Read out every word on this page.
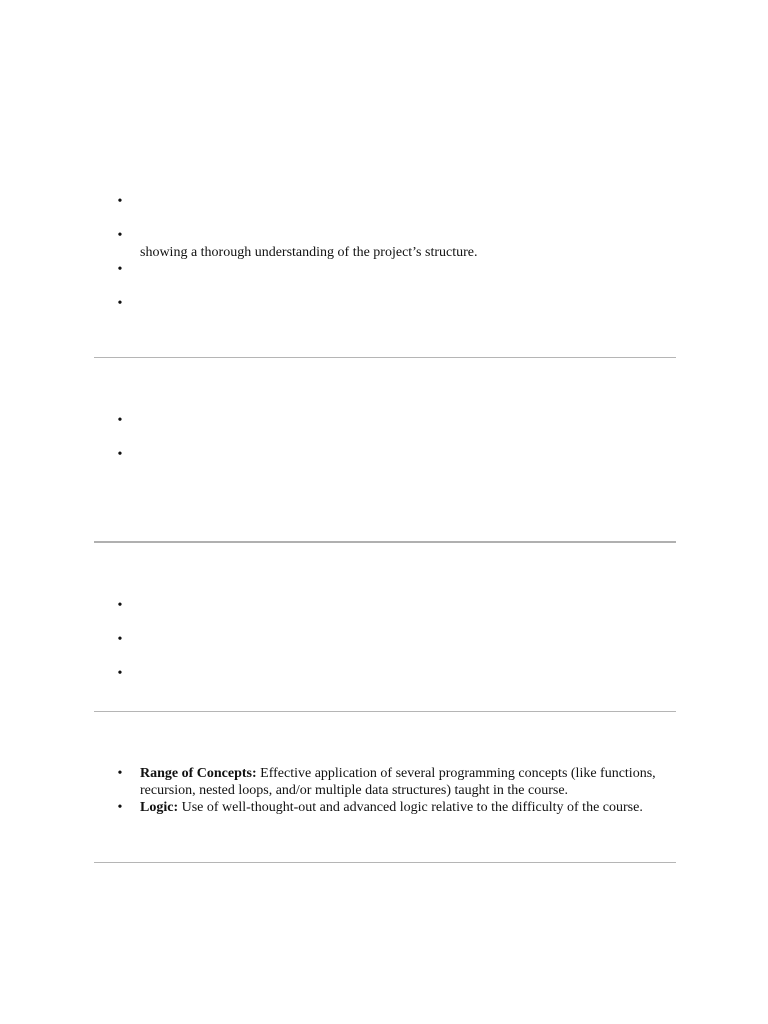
•
•
showing a thorough understanding of the project’s structure.
•
•
•
•
•
•
•
• Range of Concepts: Effective application of several programming concepts (like functions, recursion, nested loops, and/or multiple data structures) taught in the course.
• Logic: Use of well-thought-out and advanced logic relative to the difficulty of the course.
